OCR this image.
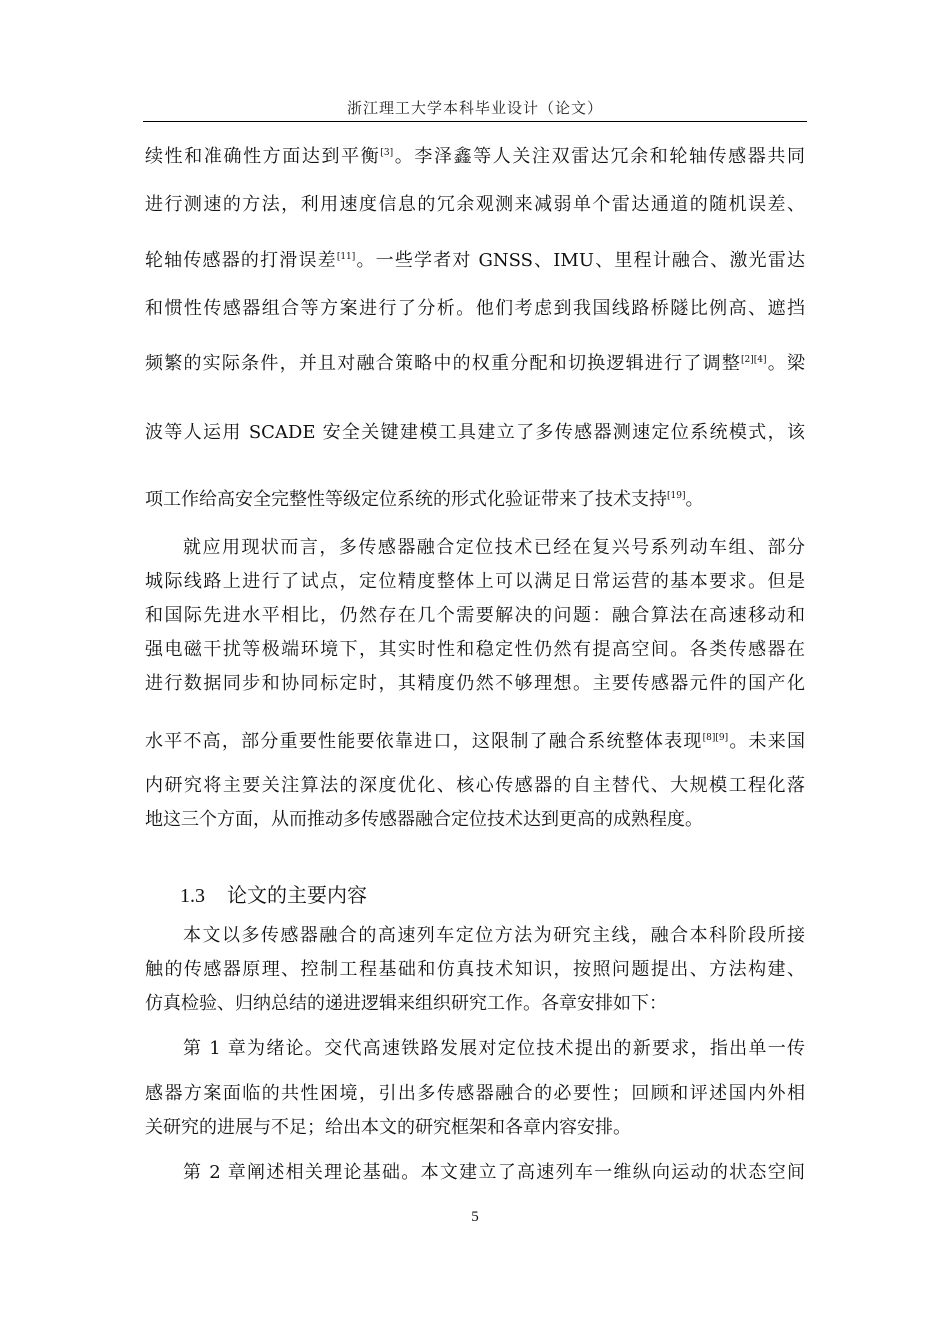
浙江理工大学本科毕业设计（论文）
续性和准确性方面达到平衡[3]。李泽鑫等人关注双雷达冗余和轮轴传感器共同
进行测速的方法，利用速度信息的冗余观测来减弱单个雷达通道的随机误差、
轮轴传感器的打滑误差[11]。一些学者对 GNSS、IMU、里程计融合、激光雷达
和惯性传感器组合等方案进行了分析。他们考虑到我国线路桥隧比例高、遮挡
频繁的实际条件，并且对融合策略中的权重分配和切换逻辑进行了调整[2][4]。梁
波等人运用 SCADE 安全关键建模工具建立了多传感器测速定位系统模式，该
项工作给高安全完整性等级定位系统的形式化验证带来了技术支持[19]。
就应用现状而言，多传感器融合定位技术已经在复兴号系列动车组、部分
城际线路上进行了试点，定位精度整体上可以满足日常运营的基本要求。但是
和国际先进水平相比，仍然存在几个需要解决的问题：融合算法在高速移动和
强电磁干扰等极端环境下，其实时性和稳定性仍然有提高空间。各类传感器在
进行数据同步和协同标定时，其精度仍然不够理想。主要传感器元件的国产化
水平不高，部分重要性能要依靠进口，这限制了融合系统整体表现[8][9]。未来国
内研究将主要关注算法的深度优化、核心传感器的自主替代、大规模工程化落
地这三个方面，从而推动多传感器融合定位技术达到更高的成熟程度。
1.3 论文的主要内容
本文以多传感器融合的高速列车定位方法为研究主线，融合本科阶段所接
触的传感器原理、控制工程基础和仿真技术知识，按照问题提出、方法构建、
仿真检验、归纳总结的递进逻辑来组织研究工作。各章安排如下：
第 1 章为绪论。交代高速铁路发展对定位技术提出的新要求，指出单一传
感器方案面临的共性困境，引出多传感器融合的必要性；回顾和评述国内外相
关研究的进展与不足；给出本文的研究框架和各章内容安排。
第 2 章阐述相关理论基础。本文建立了高速列车一维纵向运动的状态空间
5
